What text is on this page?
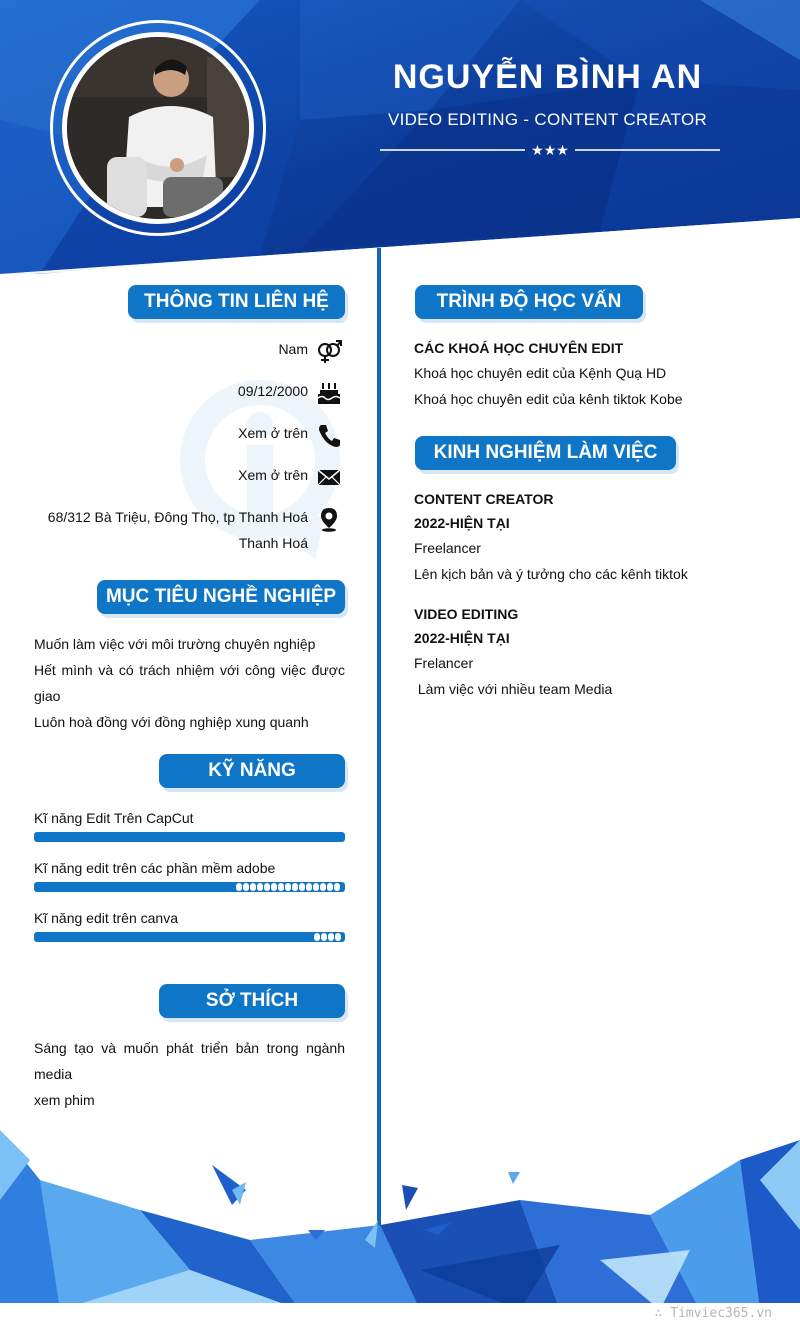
NGUYỄN BÌNH AN
VIDEO EDITING - CONTENT CREATOR
★★★
THÔNG TIN LIÊN HỆ
Nam
09/12/2000
Xem ở trên
Xem ở trên
68/312 Bà Triệu, Đông Thọ, tp Thanh Hoá
Thanh Hoá
MỤC TIÊU NGHỀ NGHIỆP
Muốn làm việc với môi trường chuyên nghiệp
Hết mình và có trách nhiệm với công việc được
giao
Luôn hoà đồng với đồng nghiệp xung quanh
KỸ NĂNG
Kĩ năng Edit Trên CapCut
Kĩ năng edit trên các phần mềm adobe
Kĩ năng edit trên canva
SỞ THÍCH
Sáng tạo và muốn phát triển bản trong ngành
media
xem phim
TRÌNH ĐỘ HỌC VẤN
CÁC KHOÁ HỌC CHUYÊN EDIT
Khoá học chuyên edit của Kệnh Quạ HD
Khoá học chuyên edit của kênh tiktok Kobe
KINH NGHIỆM LÀM VIỆC
CONTENT CREATOR
2022-HIỆN TẠI
Freelancer
Lên kịch bản và ý tưởng cho các kênh tiktok
VIDEO EDITING
2022-HIỆN TẠI
Frelancer
Làm việc với nhiều team Media
∴ Timviec365.vn
